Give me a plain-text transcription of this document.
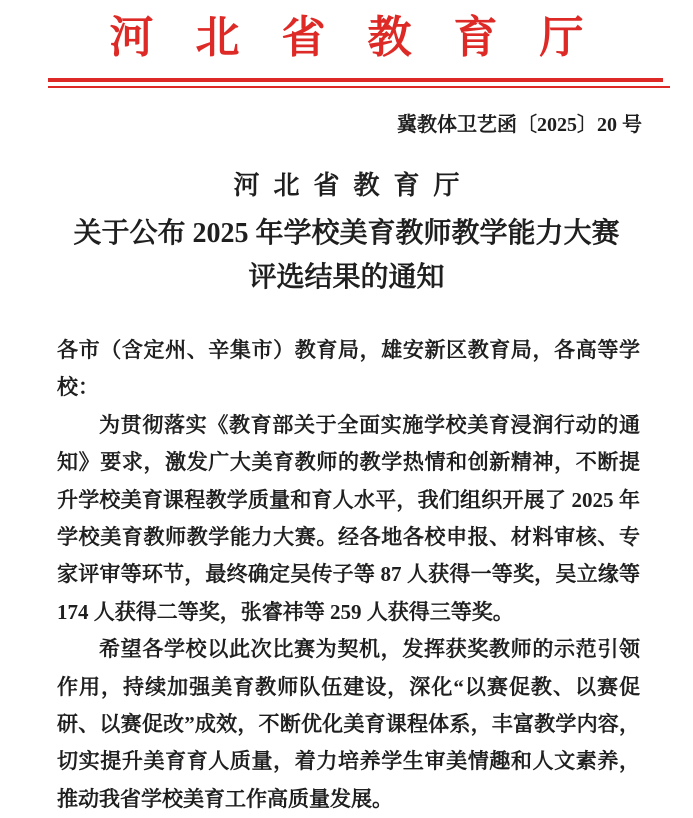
河北省教育厅
冀教体卫艺函〔2025〕20 号
河北省教育厅
关于公布 2025 年学校美育教师教学能力大赛
评选结果的通知

各市（含定州、辛集市）教育局，雄安新区教育局，各高等学校：

为贯彻落实《教育部关于全面实施学校美育浸润行动的通知》要求，激发广大美育教师的教学热情和创新精神，不断提升学校美育课程教学质量和育人水平，我们组织开展了 2025 年学校美育教师教学能力大赛。经各地各校申报、材料审核、专家评审等环节，最终确定吴传子等 87 人获得一等奖，吴立缘等 174 人获得二等奖，张睿祎等 259 人获得三等奖。

希望各学校以此次比赛为契机，发挥获奖教师的示范引领作用，持续加强美育教师队伍建设，深化“以赛促教、以赛促研、以赛促改”成效，不断优化美育课程体系，丰富教学内容，切实提升美育育人质量，着力培养学生审美情趣和人文素养，推动我省学校美育工作高质量发展。
